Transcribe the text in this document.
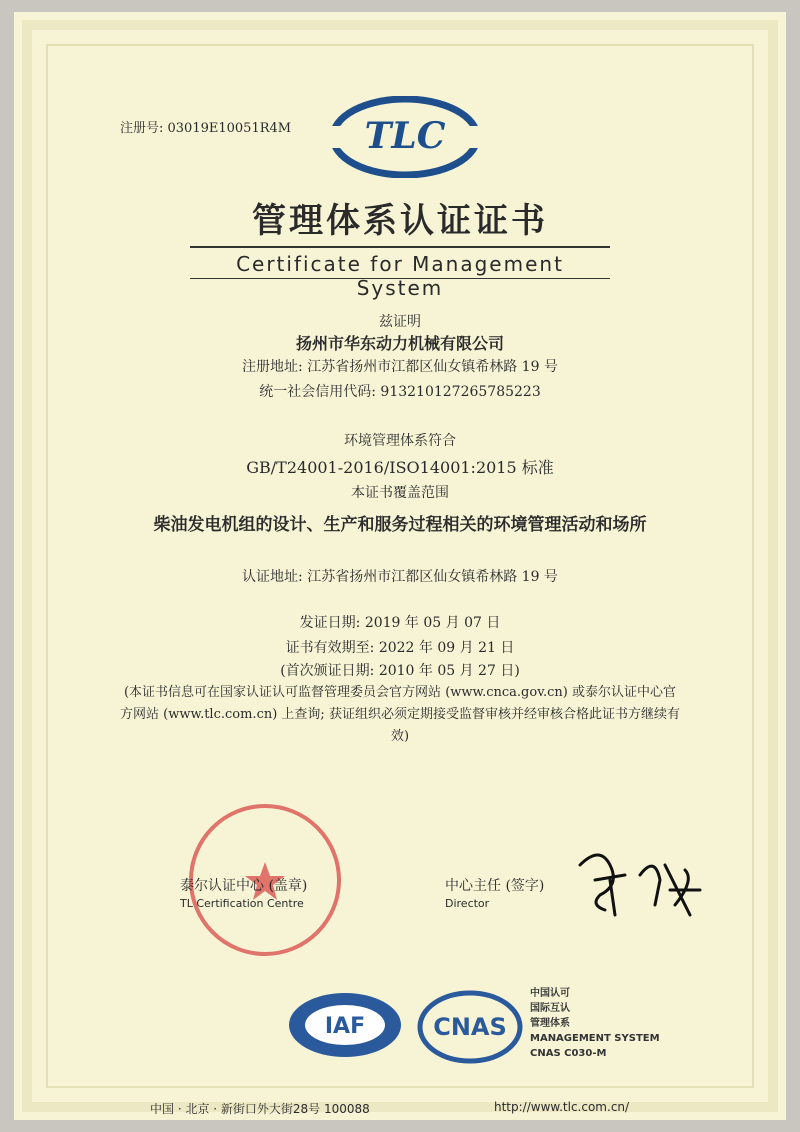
注册号: 03019E10051R4M TLC
管理体系认证证书
Certificate for Management System
兹证明
扬州市华东动力机械有限公司
注册地址: 江苏省扬州市江都区仙女镇希林路 19 号
统一社会信用代码: 913210127265785223
环境管理体系符合
GB/T24001-2016/ISO14001:2015 标准
本证书覆盖范围
柴油发电机组的设计、生产和服务过程相关的环境管理活动和场所
认证地址: 江苏省扬州市江都区仙女镇希林路 19 号
发证日期: 2019 年 05 月 07 日
证书有效期至: 2022 年 09 月 21 日
(首次颁证日期: 2010 年 05 月 27 日)
(本证书信息可在国家认证认可监督管理委员会官方网站 (www.cnca.gov.cn) 或泰尔认证中心官方网站 (www.tlc.com.cn) 上查询; 获证组织必须定期接受监督审核并经审核合格此证书方继续有效)
泰尔认证中心 (盖章)
TL Certification Centre
中心主任 (签字)
Director
IAF	CNAS
中国认可
国际互认
管理体系
MANAGEMENT SYSTEM
CNAS C030-M
中国 · 北京 · 新街口外大街28号 100088	http://www.tlc.com.cn/
